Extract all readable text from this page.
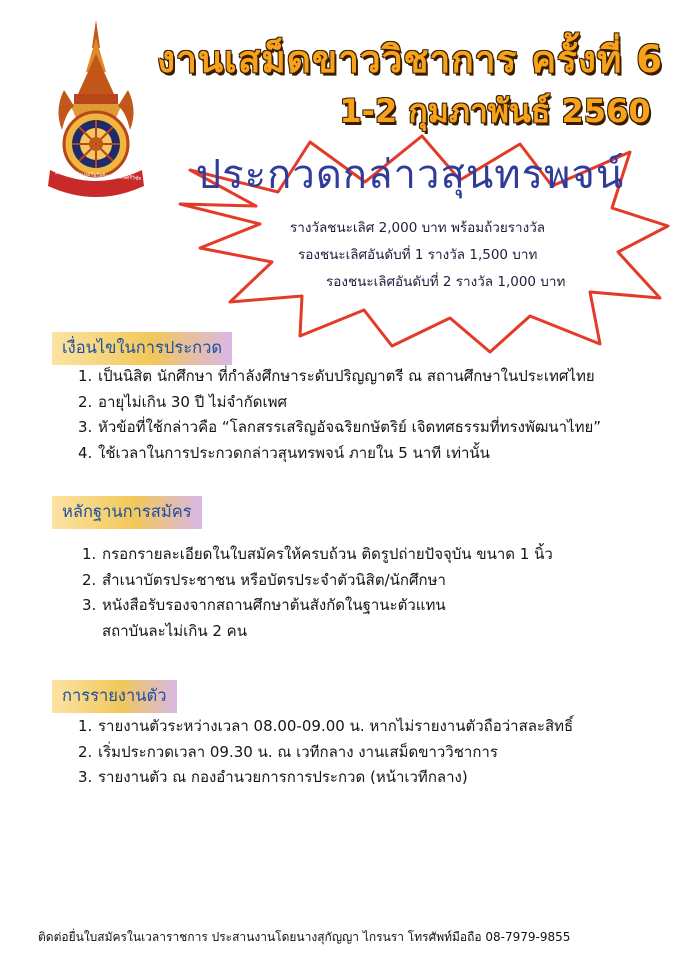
มหาวิทยาลัยเทคโนโลยีราชมงคลศรีวิชัย
งานเสม็ดขาววิชาการ ครั้งที่ 6
1-2 กุมภาพันธ์ 2560
ประกวดกล่าวสุนทรพจน์
รางวัลชนะเลิศ 2,000 บาท พร้อมถ้วยรางวัล
รองชนะเลิศอันดับที่ 1 รางวัล 1,500 บาท
รองชนะเลิศอันดับที่ 2 รางวัล 1,000 บาท
เงื่อนไขในการประกวด
1. เป็นนิสิต นักศึกษา ที่กำลังศึกษาระดับปริญญาตรี ณ สถานศึกษาในประเทศไทย
2. อายุไม่เกิน 30 ปี ไม่จำกัดเพศ
3. หัวข้อที่ใช้กล่าวคือ “โลกสรรเสริญอัจฉริยกษัตริย์ เจิดทศธรรมที่ทรงพัฒนาไทย”
4. ใช้เวลาในการประกวดกล่าวสุนทรพจน์ ภายใน 5 นาที เท่านั้น
หลักฐานการสมัคร
1. กรอกรายละเอียดในใบสมัครให้ครบถ้วน ติดรูปถ่ายปัจจุบัน ขนาด 1 นิ้ว
2. สำเนาบัตรประชาชน หรือบัตรประจำตัวนิสิต/นักศึกษา
3. หนังสือรับรองจากสถานศึกษาต้นสังกัดในฐานะตัวแทน
สถาบันละไม่เกิน 2 คน
การรายงานตัว
1. รายงานตัวระหว่างเวลา 08.00-09.00 น. หากไม่รายงานตัวถือว่าสละสิทธิ์
2. เริ่มประกวดเวลา 09.30 น. ณ เวทีกลาง งานเสม็ดขาววิชาการ
3. รายงานตัว ณ กองอำนวยการการประกวด (หน้าเวทีกลาง)
ติดต่อยื่นใบสมัครในเวลาราชการ ประสานงานโดยนางสุกัญญา ไกรนรา โทรศัพท์มือถือ 08-7979-9855
